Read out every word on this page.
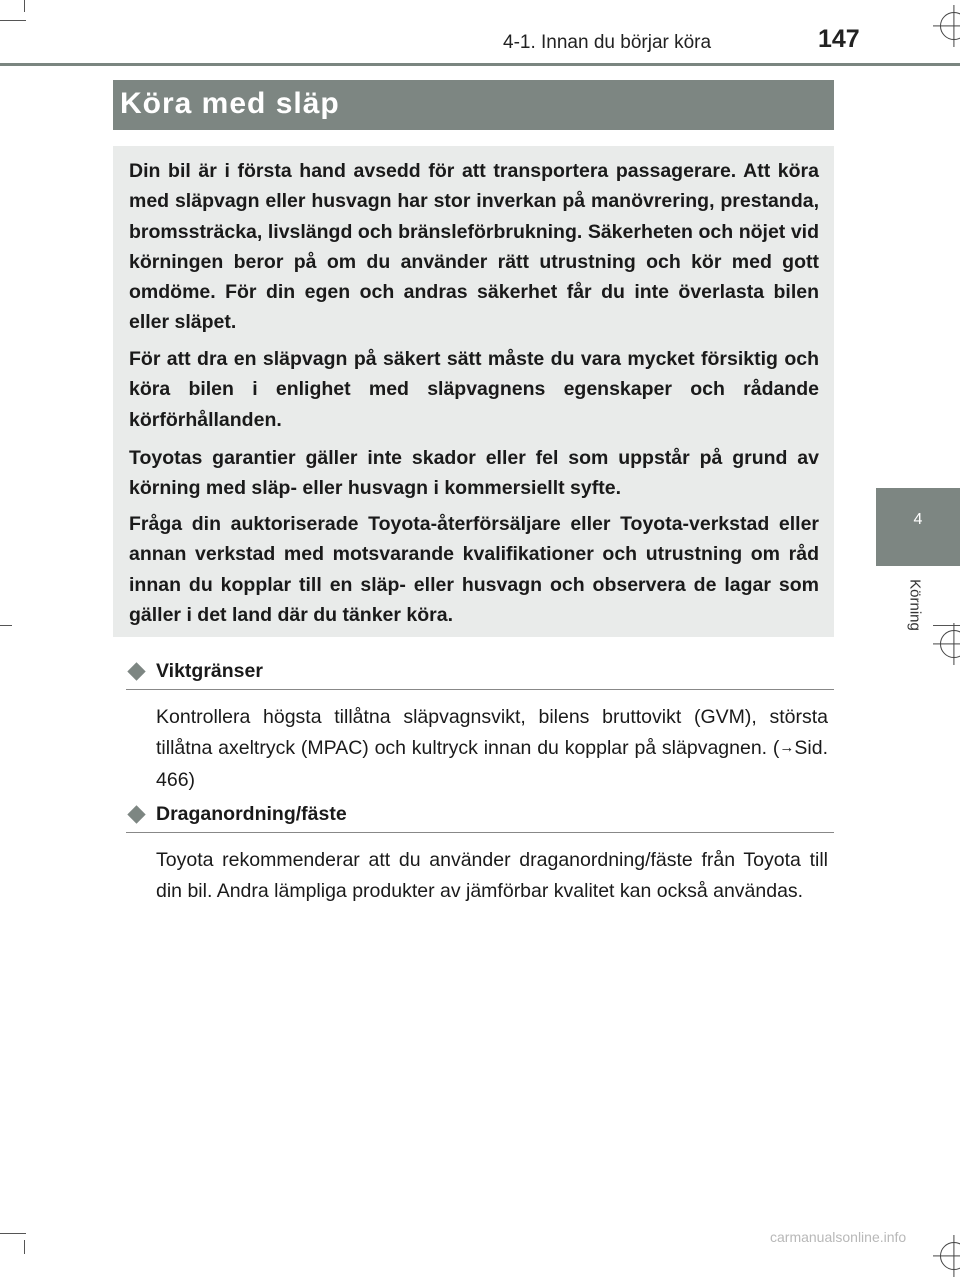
4-1. Innan du börjar köra	147
Köra med släp

Din bil är i första hand avsedd för att transportera passagerare. Att köra med släpvagn eller husvagn har stor inverkan på manövrering, prestanda, bromssträcka, livslängd och bränsleförbrukning. Säkerheten och nöjet vid körningen beror på om du använder rätt utrustning och kör med gott omdöme. För din egen och andras säkerhet får du inte överlasta bilen eller släpet.

För att dra en släpvagn på säkert sätt måste du vara mycket försiktig och köra bilen i enlighet med släpvagnens egenskaper och rådande körförhållanden.

Toyotas garantier gäller inte skador eller fel som uppstår på grund av körning med släp- eller husvagn i kommersiellt syfte.

Fråga din auktoriserade Toyota-återförsäljare eller Toyota-verkstad eller annan verkstad med motsvarande kvalifikationer och utrustning om råd innan du kopplar till en släp- eller husvagn och observera de lagar som gäller i det land där du tänker köra.

Viktgränser

Kontrollera högsta tillåtna släpvagnsvikt, bilens bruttovikt (GVM), största tillåtna axeltryck (MPAC) och kultryck innan du kopplar på släpvagnen. (→Sid. 466)

Draganordning/fäste

Toyota rekommenderar att du använder draganordning/fäste från Toyota till din bil. Andra lämpliga produkter av jämförbar kvalitet kan också användas.

4
Körning
carmanualsonline.info
